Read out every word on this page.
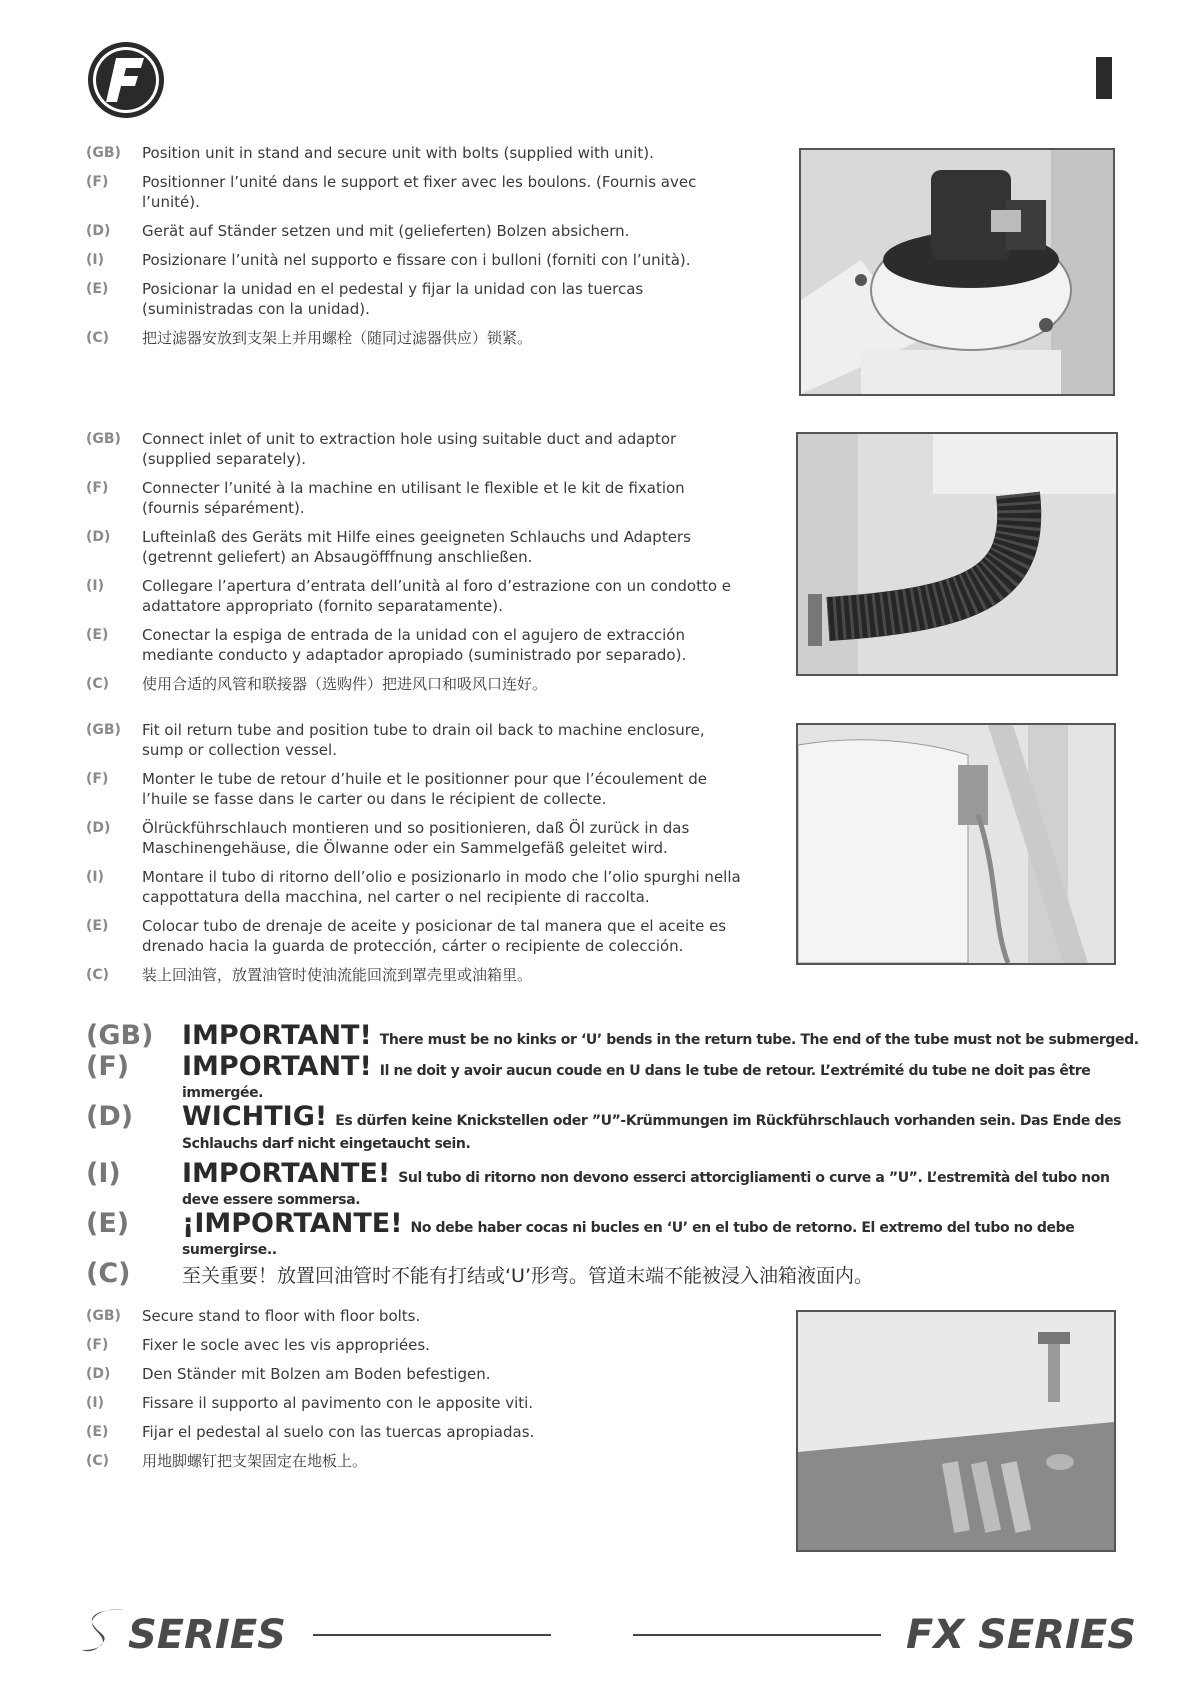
(GB)	Position unit in stand and secure unit with bolts (supplied with unit).
(F)	Positionner l’unité dans le support et fixer avec les boulons. (Fournis avec l’unité).
(D)	Gerät auf Ständer setzen und mit (gelieferten) Bolzen absichern.
(I)	Posizionare l’unità nel supporto e fissare con i bulloni (forniti con l’unità).
(E)	Posicionar la unidad en el pedestal y fijar la unidad con las tuercas (suministradas con la unidad).
(C)	把过滤器安放到支架上并用螺栓（随同过滤器供应）锁紧。
(GB)	Connect inlet of unit to extraction hole using suitable duct and adaptor (supplied separately).
(F)	Connecter l’unité à la machine en utilisant le flexible et le kit de fixation (fournis séparément).
(D)	Lufteinlaß des Geräts mit Hilfe eines geeigneten Schlauchs und Adapters (getrennt geliefert) an Absaugöfffnung anschließen.
(I)	Collegare l’apertura d’entrata dell’unità al foro d’estrazione con un condotto e adattatore appropriato (fornito separatamente).
(E)	Conectar la espiga de entrada de la unidad con el agujero de extracción mediante conducto y adaptador apropiado (suministrado por separado).
(C)	使用合适的风管和联接器（选购件）把进风口和吸风口连好。
(GB)	Fit oil return tube and position tube to drain oil back to machine enclosure, sump or collection vessel.
(F)	Monter le tube de retour d’huile et le positionner pour que l’écoulement de l’huile se fasse dans le carter ou dans le récipient de collecte.
(D)	Ölrückführschlauch montieren und so positionieren, daß Öl zurück in das Maschinengehäuse, die Ölwanne oder ein Sammelgefäß geleitet wird.
(I)	Montare il tubo di ritorno dell’olio e posizionarlo in modo che l’olio spurghi nella cappottatura della macchina, nel carter o nel recipiente di raccolta.
(E)	Colocar tubo de drenaje de aceite y posicionar de tal manera que el aceite es drenado hacia la guarda de protección, cárter o recipiente de colección.
(C)	装上回油管，放置油管时使油流能回流到罩壳里或油箱里。
(GB)	IMPORTANT! There must be no kinks or ‘U’ bends in the return tube. The end of the tube must not be submerged.
(F)	IMPORTANT! Il ne doit y avoir aucun coude en U dans le tube de retour. L’extrémité du tube ne doit pas être immergée.
(D)	WICHTIG! Es dürfen keine Knickstellen oder ”U”-Krümmungen im Rückführschlauch vorhanden sein. Das Ende des
Schlauchs darf nicht eingetaucht sein.
(I)	IMPORTANTE! Sul tubo di ritorno non devono esserci attorcigliamenti o curve a ”U”. L’estremità del tubo non deve essere sommersa.
(E)	¡IMPORTANTE! No debe haber cocas ni bucles en ‘U’ en el tubo de retorno. El extremo del tubo no debe sumergirse..
(C)	至关重要！放置回油管时不能有打结或‘U’形弯。管道末端不能被浸入油箱液面内。
(GB)	Secure stand to floor with floor bolts.
(F)	Fixer le socle avec les vis appropriées.
(D)	Den Ständer mit Bolzen am Boden befestigen.
(I)	Fissare il supporto al pavimento con le apposite viti.
(E)	Fijar el pedestal al suelo con las tuercas apropiadas.
(C)	用地脚螺钉把支架固定在地板上。
SERIES	FX SERIES
